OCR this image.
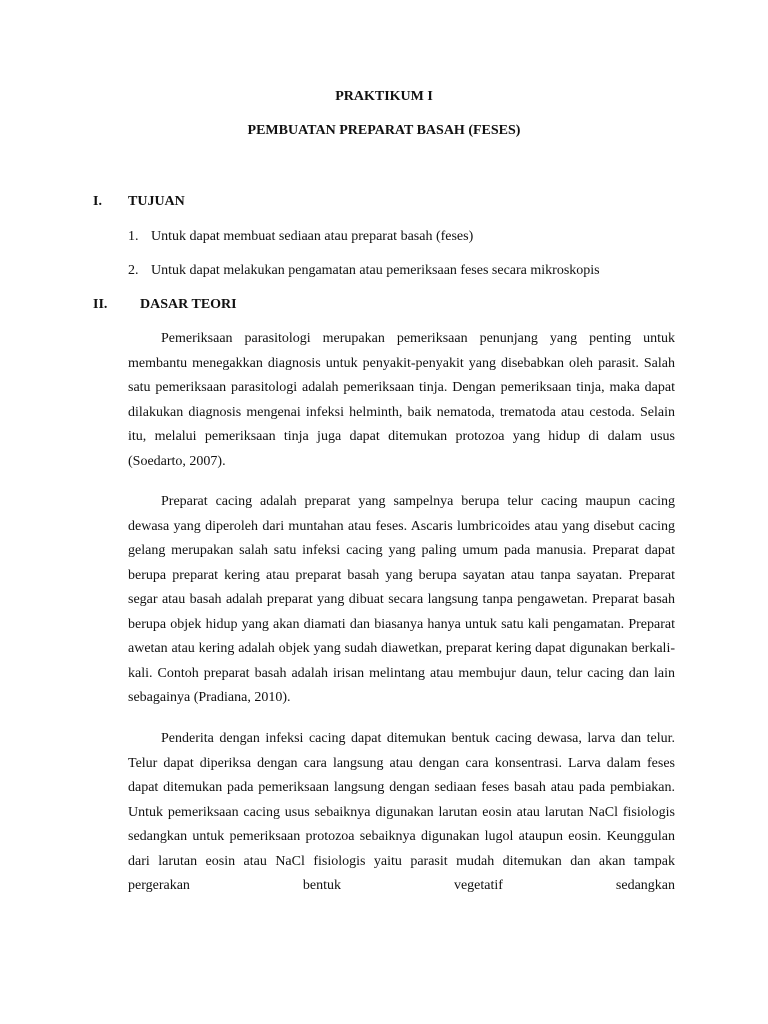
PRAKTIKUM I
PEMBUATAN PREPARAT BASAH (FESES)
I. TUJUAN
1. Untuk dapat membuat sediaan atau preparat basah (feses)
2. Untuk dapat melakukan pengamatan atau pemeriksaan feses secara mikroskopis
II. DASAR TEORI

Pemeriksaan parasitologi merupakan pemeriksaan penunjang yang penting untuk membantu menegakkan diagnosis untuk penyakit-penyakit yang disebabkan oleh parasit. Salah satu pemeriksaan parasitologi adalah pemeriksaan tinja. Dengan pemeriksaan tinja, maka dapat dilakukan diagnosis mengenai infeksi helminth, baik nematoda, trematoda atau cestoda. Selain itu, melalui pemeriksaan tinja juga dapat ditemukan protozoa yang hidup di dalam usus (Soedarto, 2007).

Preparat cacing adalah preparat yang sampelnya berupa telur cacing maupun cacing dewasa yang diperoleh dari muntahan atau feses. Ascaris lumbricoides atau yang disebut cacing gelang merupakan salah satu infeksi cacing yang paling umum pada manusia. Preparat dapat berupa preparat kering atau preparat basah yang berupa sayatan atau tanpa sayatan. Preparat segar atau basah adalah preparat yang dibuat secara langsung tanpa pengawetan. Preparat basah berupa objek hidup yang akan diamati dan biasanya hanya untuk satu kali pengamatan. Preparat awetan atau kering adalah objek yang sudah diawetkan, preparat kering dapat digunakan berkali-kali. Contoh preparat basah adalah irisan melintang atau membujur daun, telur cacing dan lain sebagainya (Pradiana, 2010).

Penderita dengan infeksi cacing dapat ditemukan bentuk cacing dewasa, larva dan telur. Telur dapat diperiksa dengan cara langsung atau dengan cara konsentrasi. Larva dalam feses dapat ditemukan pada pemeriksaan langsung dengan sediaan feses basah atau pada pembiakan. Untuk pemeriksaan cacing usus sebaiknya digunakan larutan eosin atau larutan NaCl fisiologis sedangkan untuk pemeriksaan protozoa sebaiknya digunakan lugol ataupun eosin. Keunggulan dari larutan eosin atau NaCl fisiologis yaitu parasit mudah ditemukan dan akan tampak pergerakan bentuk vegetatif sedangkan
